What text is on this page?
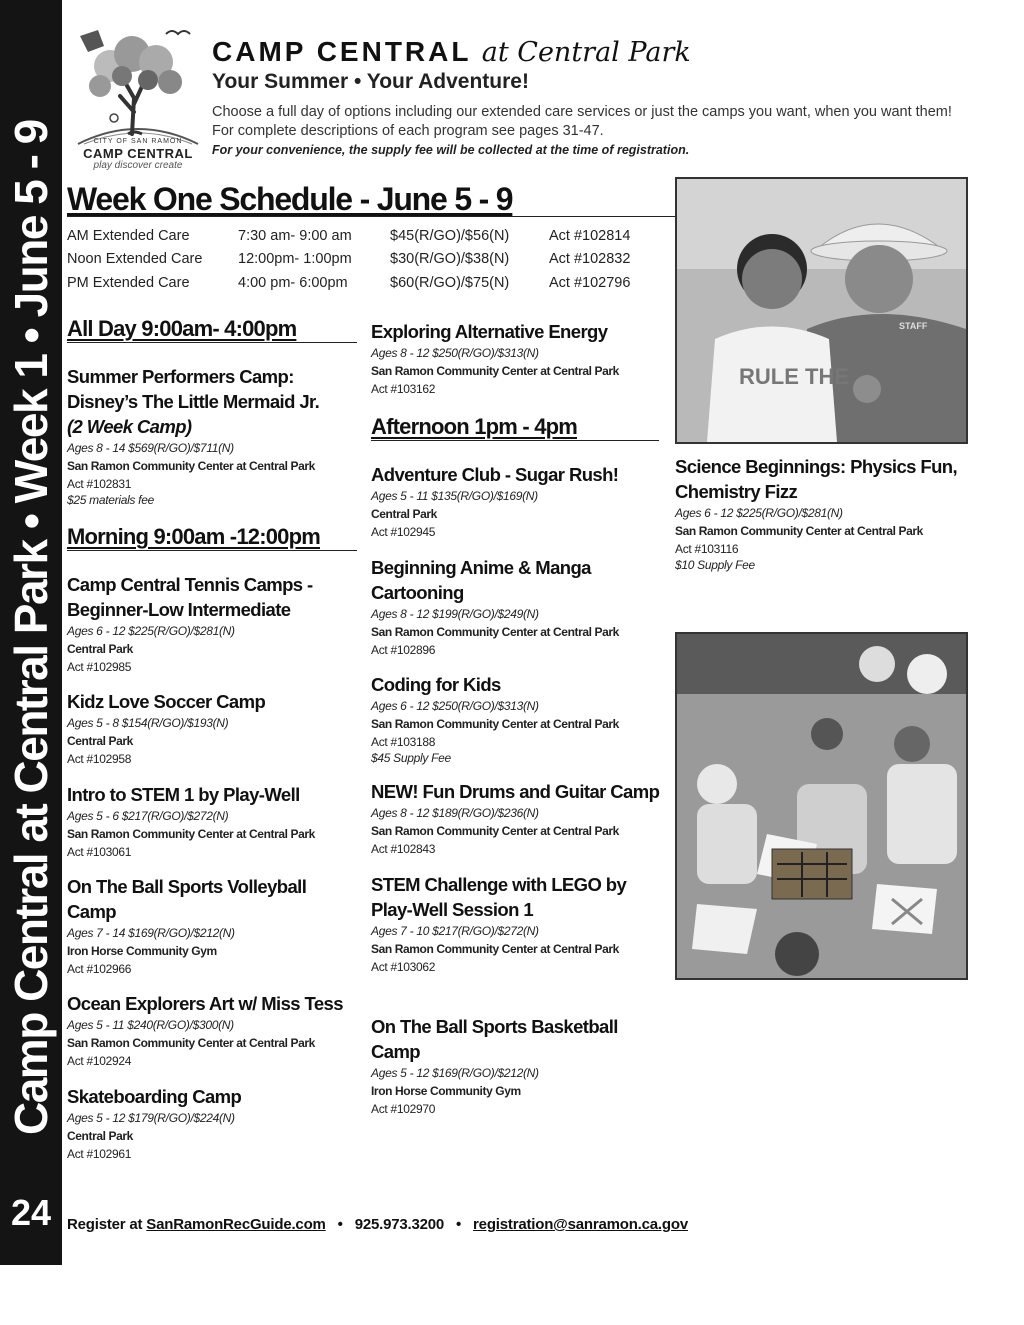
Camp Central at Central Park • Week 1 • June 5 - 9
24
CITY OF SAN RAMON
CAMP CENTRAL
play discover create
CAMP CENTRAL at Central Park
Your Summer • Your Adventure!
Choose a full day of options including our extended care services or just the camps you want, when you want them! For complete descriptions of each program see pages 31-47.
For your convenience, the supply fee will be collected at the time of registration.
Week One Schedule - June 5 - 9
AM Extended Care	7:30 am- 9:00 am	$45(R/GO)/$56(N)	Act #102814
Noon Extended Care 12:00pm- 1:00pm	$30(R/GO)/$38(N)	Act #102832
PM Extended Care	4:00 pm- 6:00pm	$60(R/GO)/$75(N)	Act #102796
All Day 9:00am- 4:00pm
Morning 9:00am -12:00pm
Afternoon 1pm - 4pm
Summer Performers Camp: Disney’s The Little Mermaid Jr.
(2 Week Camp)
Ages 8 - 14 $569(R/GO)/$711(N)
San Ramon Community Center at Central Park
Act #102831
$25 materials fee
Camp Central Tennis Camps - Beginner-Low Intermediate
Ages 6 - 12 $225(R/GO)/$281(N)
Central Park
Act #102985
Kidz Love Soccer Camp
Ages 5 - 8 $154(R/GO)/$193(N)
Central Park
Act #102958
Intro to STEM 1 by Play-Well
Ages 5 - 6 $217(R/GO)/$272(N)
San Ramon Community Center at Central Park
Act #103061
On The Ball Sports Volleyball Camp
Ages 7 - 14 $169(R/GO)/$212(N)
Iron Horse Community Gym
Act #102966
Ocean Explorers Art w/ Miss Tess
Ages 5 - 11 $240(R/GO)/$300(N)
San Ramon Community Center at Central Park
Act #102924
Skateboarding Camp
Ages 5 - 12 $179(R/GO)/$224(N)
Central Park
Act #102961
Exploring Alternative Energy
Ages 8 - 12 $250(R/GO)/$313(N)
San Ramon Community Center at Central Park
Act #103162
Adventure Club - Sugar Rush!
Ages 5 - 11 $135(R/GO)/$169(N)
Central Park
Act #102945
Beginning Anime & Manga Cartooning
Ages 8 - 12 $199(R/GO)/$249(N)
San Ramon Community Center at Central Park
Act #102896
Coding for Kids
Ages 6 - 12 $250(R/GO)/$313(N)
San Ramon Community Center at Central Park
Act #103188
$45 Supply Fee
NEW! Fun Drums and Guitar Camp
Ages 8 - 12 $189(R/GO)/$236(N)
San Ramon Community Center at Central Park
Act #102843
STEM Challenge with LEGO by Play-Well Session 1
Ages 7 - 10 $217(R/GO)/$272(N)
San Ramon Community Center at Central Park
Act #103062
On The Ball Sports Basketball Camp
Ages 5 - 12 $169(R/GO)/$212(N)
Iron Horse Community Gym
Act #102970
Science Beginnings: Physics Fun, Chemistry Fizz
Ages 6 - 12 $225(R/GO)/$281(N)
San Ramon Community Center at Central Park
Act #103116
$10 Supply Fee
RULE THE
STAFF
Register at SanRamonRecGuide.com • 925.973.3200 • registration@sanramon.ca.gov
